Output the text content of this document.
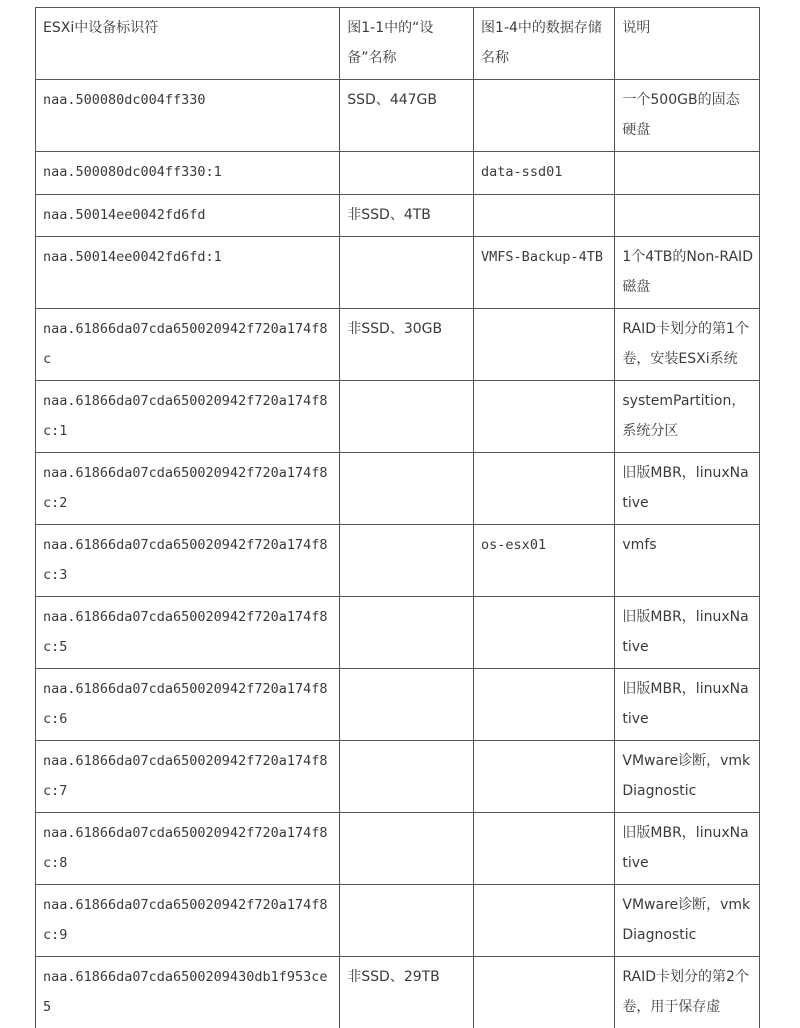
ESXi中设备标识符	图1-1中的“设备”名称	图1-4中的数据存储名称	说明
naa.500080dc004ff330	SSD、447GB		一个500GB的固态硬盘
naa.500080dc004ff330:1		data-ssd01	
naa.50014ee0042fd6fd	非SSD、4TB		
naa.50014ee0042fd6fd:1		VMFS-Backup-4TB	1个4TB的Non-RAID磁盘
naa.61866da07cda650020942f720a174f8c	非SSD、30GB		RAID卡划分的第1个卷，安装ESXi系统
naa.61866da07cda650020942f720a174f8c:1			systemPartition，系统分区
naa.61866da07cda650020942f720a174f8c:2			旧版MBR，linuxNative
naa.61866da07cda650020942f720a174f8c:3		os-esx01	vmfs
naa.61866da07cda650020942f720a174f8c:5			旧版MBR，linuxNative
naa.61866da07cda650020942f720a174f8c:6			旧版MBR，linuxNative
naa.61866da07cda650020942f720a174f8c:7			VMware诊断，vmkDiagnostic
naa.61866da07cda650020942f720a174f8c:8			旧版MBR，linuxNative
naa.61866da07cda650020942f720a174f8c:9			VMware诊断，vmkDiagnostic
naa.61866da07cda6500209430db1f953ce5	非SSD、29TB		RAID卡划分的第2个卷，用于保存虚
